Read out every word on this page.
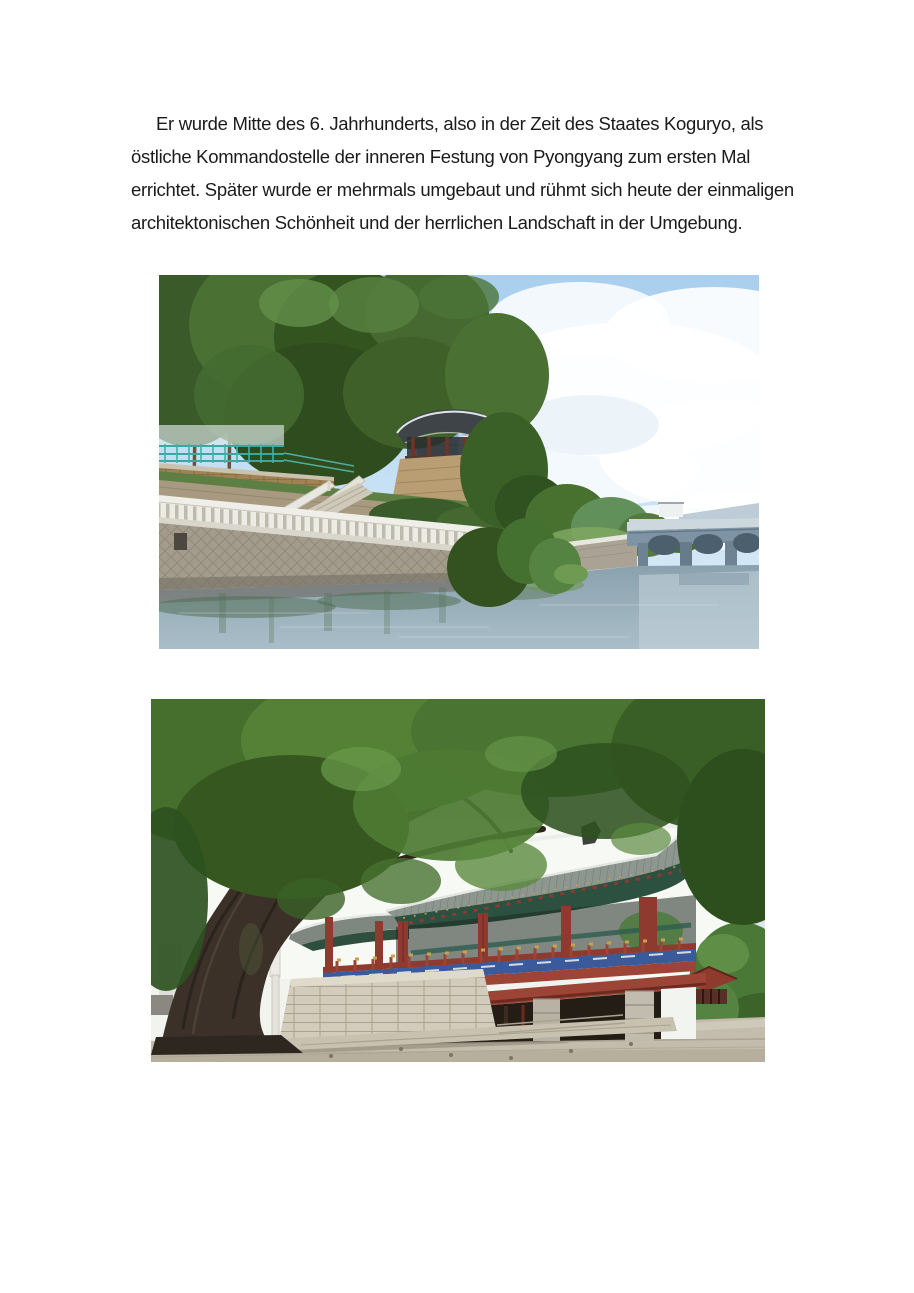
Er wurde Mitte des 6. Jahrhunderts, also in der Zeit des Staates Koguryo, als
östliche Kommandostelle der inneren Festung von Pyongyang zum ersten Mal
errichtet. Später wurde er mehrmals umgebaut und rühmt sich heute der einmaligen
architektonischen Schönheit und der herrlichen Landschaft in der Umgebung.
